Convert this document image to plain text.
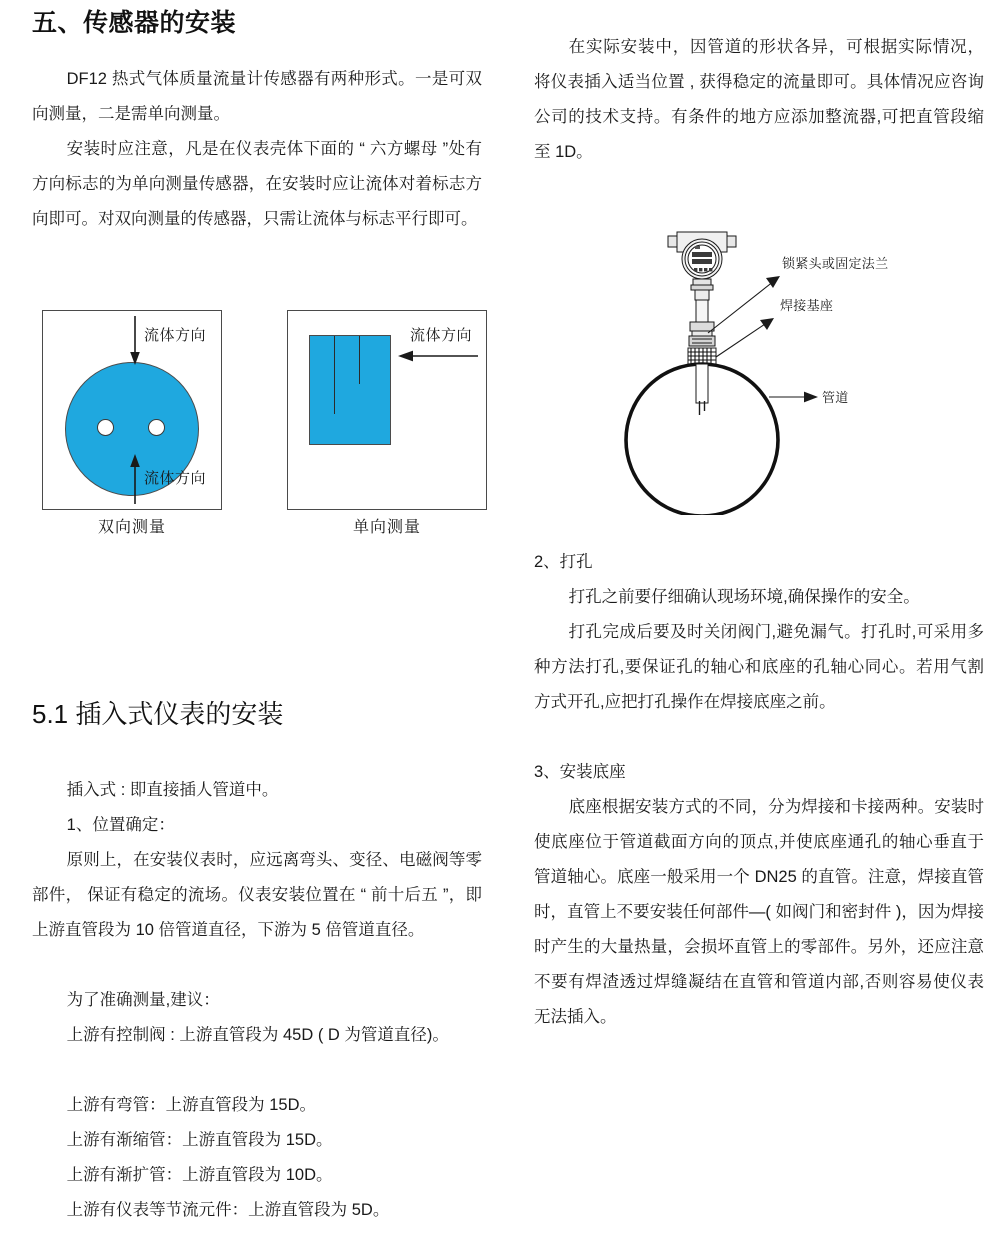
五、传感器的安装

DF12 热式气体质量流量计传感器有两种形式。一是可双向测量，二是需单向测量。

安装时应注意，凡是在仪表壳体下面的 “ 六方螺母 ”处有方向标志的为单向测量传感器，在安装时应让流体对着标志方向即可。对双向测量的传感器，只需让流体与标志平行即可。

流体方向
流体方向
双向测量
流体方向
单向测量
5.1 插入式仪表的安装

插入式 : 即直接插人管道中。

1、位置确定：

原则上，在安装仪表时，应远离弯头、变径、电磁阀等零部件， 保证有稳定的流场。仪表安装位置在 “ 前十后五 ”，即上游直管段为 10 倍管道直径，下游为 5 倍管道直径。

为了准确测量,建议：

上游有控制阀 : 上游直管段为 45D ( D 为管道直径)。

上游有弯管：上游直管段为 15D。

上游有渐缩管：上游直管段为 15D。

上游有渐扩管：上游直管段为 10D。

上游有仪表等节流元件：上游直管段为 5D。

在实际安装中，因管道的形状各异，可根据实际情况， 将仪表插入适当位置 , 获得稳定的流量即可。具体情况应咨询公司的技术支持。有条件的地方应添加整流器,可把直管段缩至 1D。

锁紧头或固定法兰
焊接基座
管道

2、打孔

打孔之前要仔细确认现场环境,确保操作的安全。

打孔完成后要及时关闭阀门,避免漏气。打孔时,可采用多种方法打孔,要保证孔的轴心和底座的孔轴心同心。若用气割方式开孔,应把打孔操作在焊接底座之前。

3、安装底座

底座根据安装方式的不同，分为焊接和卡接两种。安装时使底座位于管道截面方向的顶点,并使底座通孔的轴心垂直于管道轴心。底座一般采用一个 DN25 的直管。注意，焊接直管时，直管上不要安装任何部件—( 如阀门和密封件 )，因为焊接时产生的大量热量，会损坏直管上的零部件。另外，还应注意不要有焊渣透过焊缝凝结在直管和管道内部,否则容易使仪表无法插入。
